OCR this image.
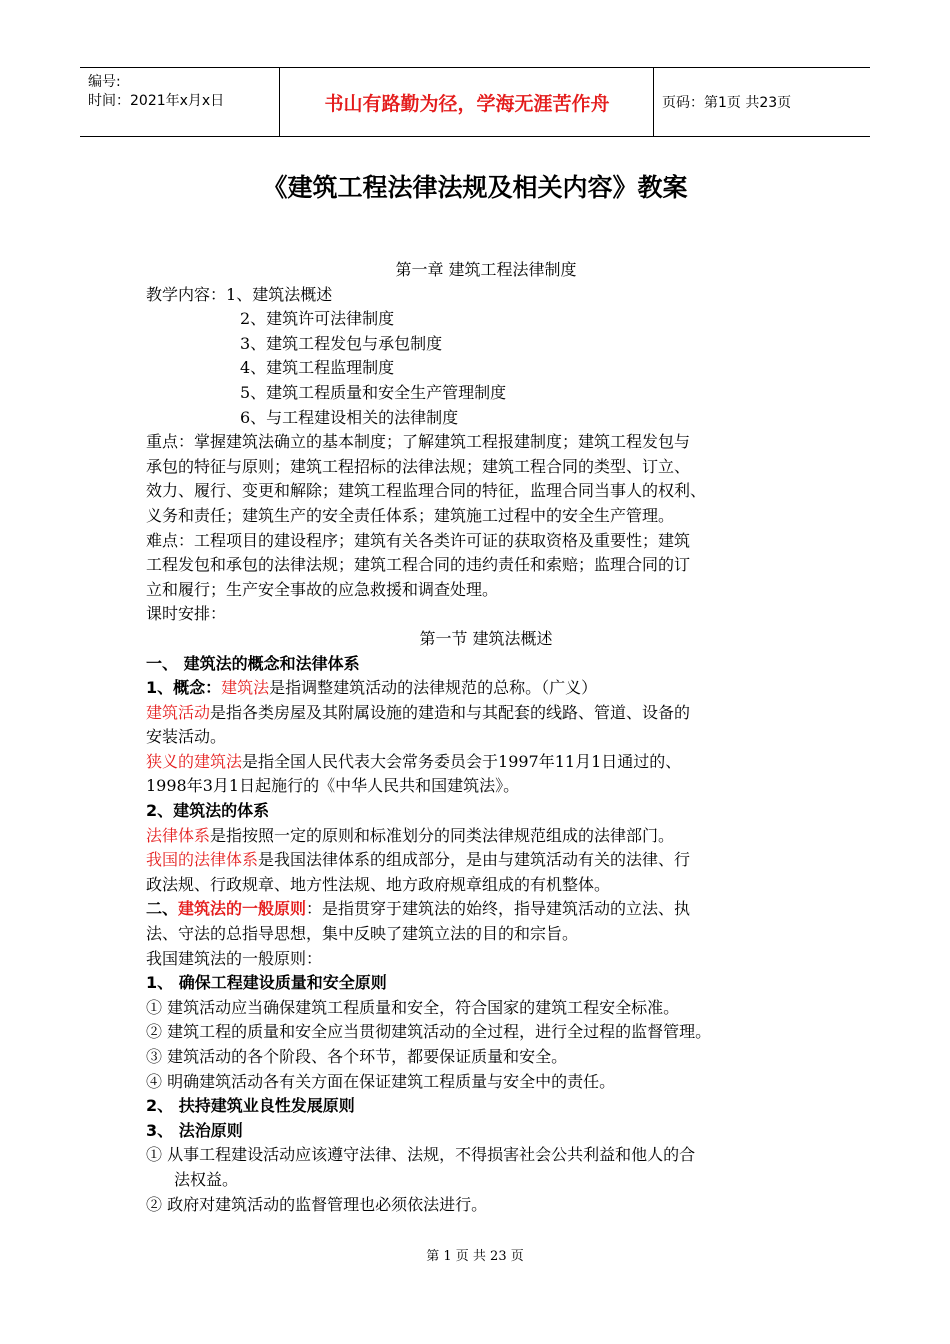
编号:
时间：2021年x月x日	书山有路勤为径，学海无涯苦作舟	页码：第1页 共23页
《建筑工程法律法规及相关内容》教案
第一章 建筑工程法律制度
教学内容：1、建筑法概述
2、建筑许可法律制度
3、建筑工程发包与承包制度
4、建筑工程监理制度
5、建筑工程质量和安全生产管理制度
6、与工程建设相关的法律制度
重点：掌握建筑法确立的基本制度；了解建筑工程报建制度；建筑工程发包与
承包的特征与原则；建筑工程招标的法律法规；建筑工程合同的类型、订立、
效力、履行、变更和解除；建筑工程监理合同的特征，监理合同当事人的权利、
义务和责任；建筑生产的安全责任体系；建筑施工过程中的安全生产管理。
难点：工程项目的建设程序；建筑有关各类许可证的获取资格及重要性；建筑
工程发包和承包的法律法规；建筑工程合同的违约责任和索赔；监理合同的订
立和履行；生产安全事故的应急救援和调查处理。
课时安排：
第一节 建筑法概述
一、 建筑法的概念和法律体系
1、概念：建筑法是指调整建筑活动的法律规范的总称。（广义）
建筑活动是指各类房屋及其附属设施的建造和与其配套的线路、管道、设备的
安装活动。
狭义的建筑法是指全国人民代表大会常务委员会于1997年11月1日通过的、
1998年3月1日起施行的《中华人民共和国建筑法》。
2、建筑法的体系
法律体系是指按照一定的原则和标准划分的同类法律规范组成的法律部门。
我国的法律体系是我国法律体系的组成部分，是由与建筑活动有关的法律、行
政法规、行政规章、地方性法规、地方政府规章组成的有机整体。
二、建筑法的一般原则：是指贯穿于建筑法的始终，指导建筑活动的立法、执
法、守法的总指导思想，集中反映了建筑立法的目的和宗旨。
我国建筑法的一般原则：
1、 确保工程建设质量和安全原则
① 建筑活动应当确保建筑工程质量和安全，符合国家的建筑工程安全标准。
② 建筑工程的质量和安全应当贯彻建筑活动的全过程，进行全过程的监督管理。
③ 建筑活动的各个阶段、各个环节，都要保证质量和安全。
④ 明确建筑活动各有关方面在保证建筑工程质量与安全中的责任。
2、 扶持建筑业良性发展原则
3、 法治原则
① 从事工程建设活动应该遵守法律、法规，不得损害社会公共利益和他人的合
法权益。
② 政府对建筑活动的监督管理也必须依法进行。
第 1 页 共 23 页
